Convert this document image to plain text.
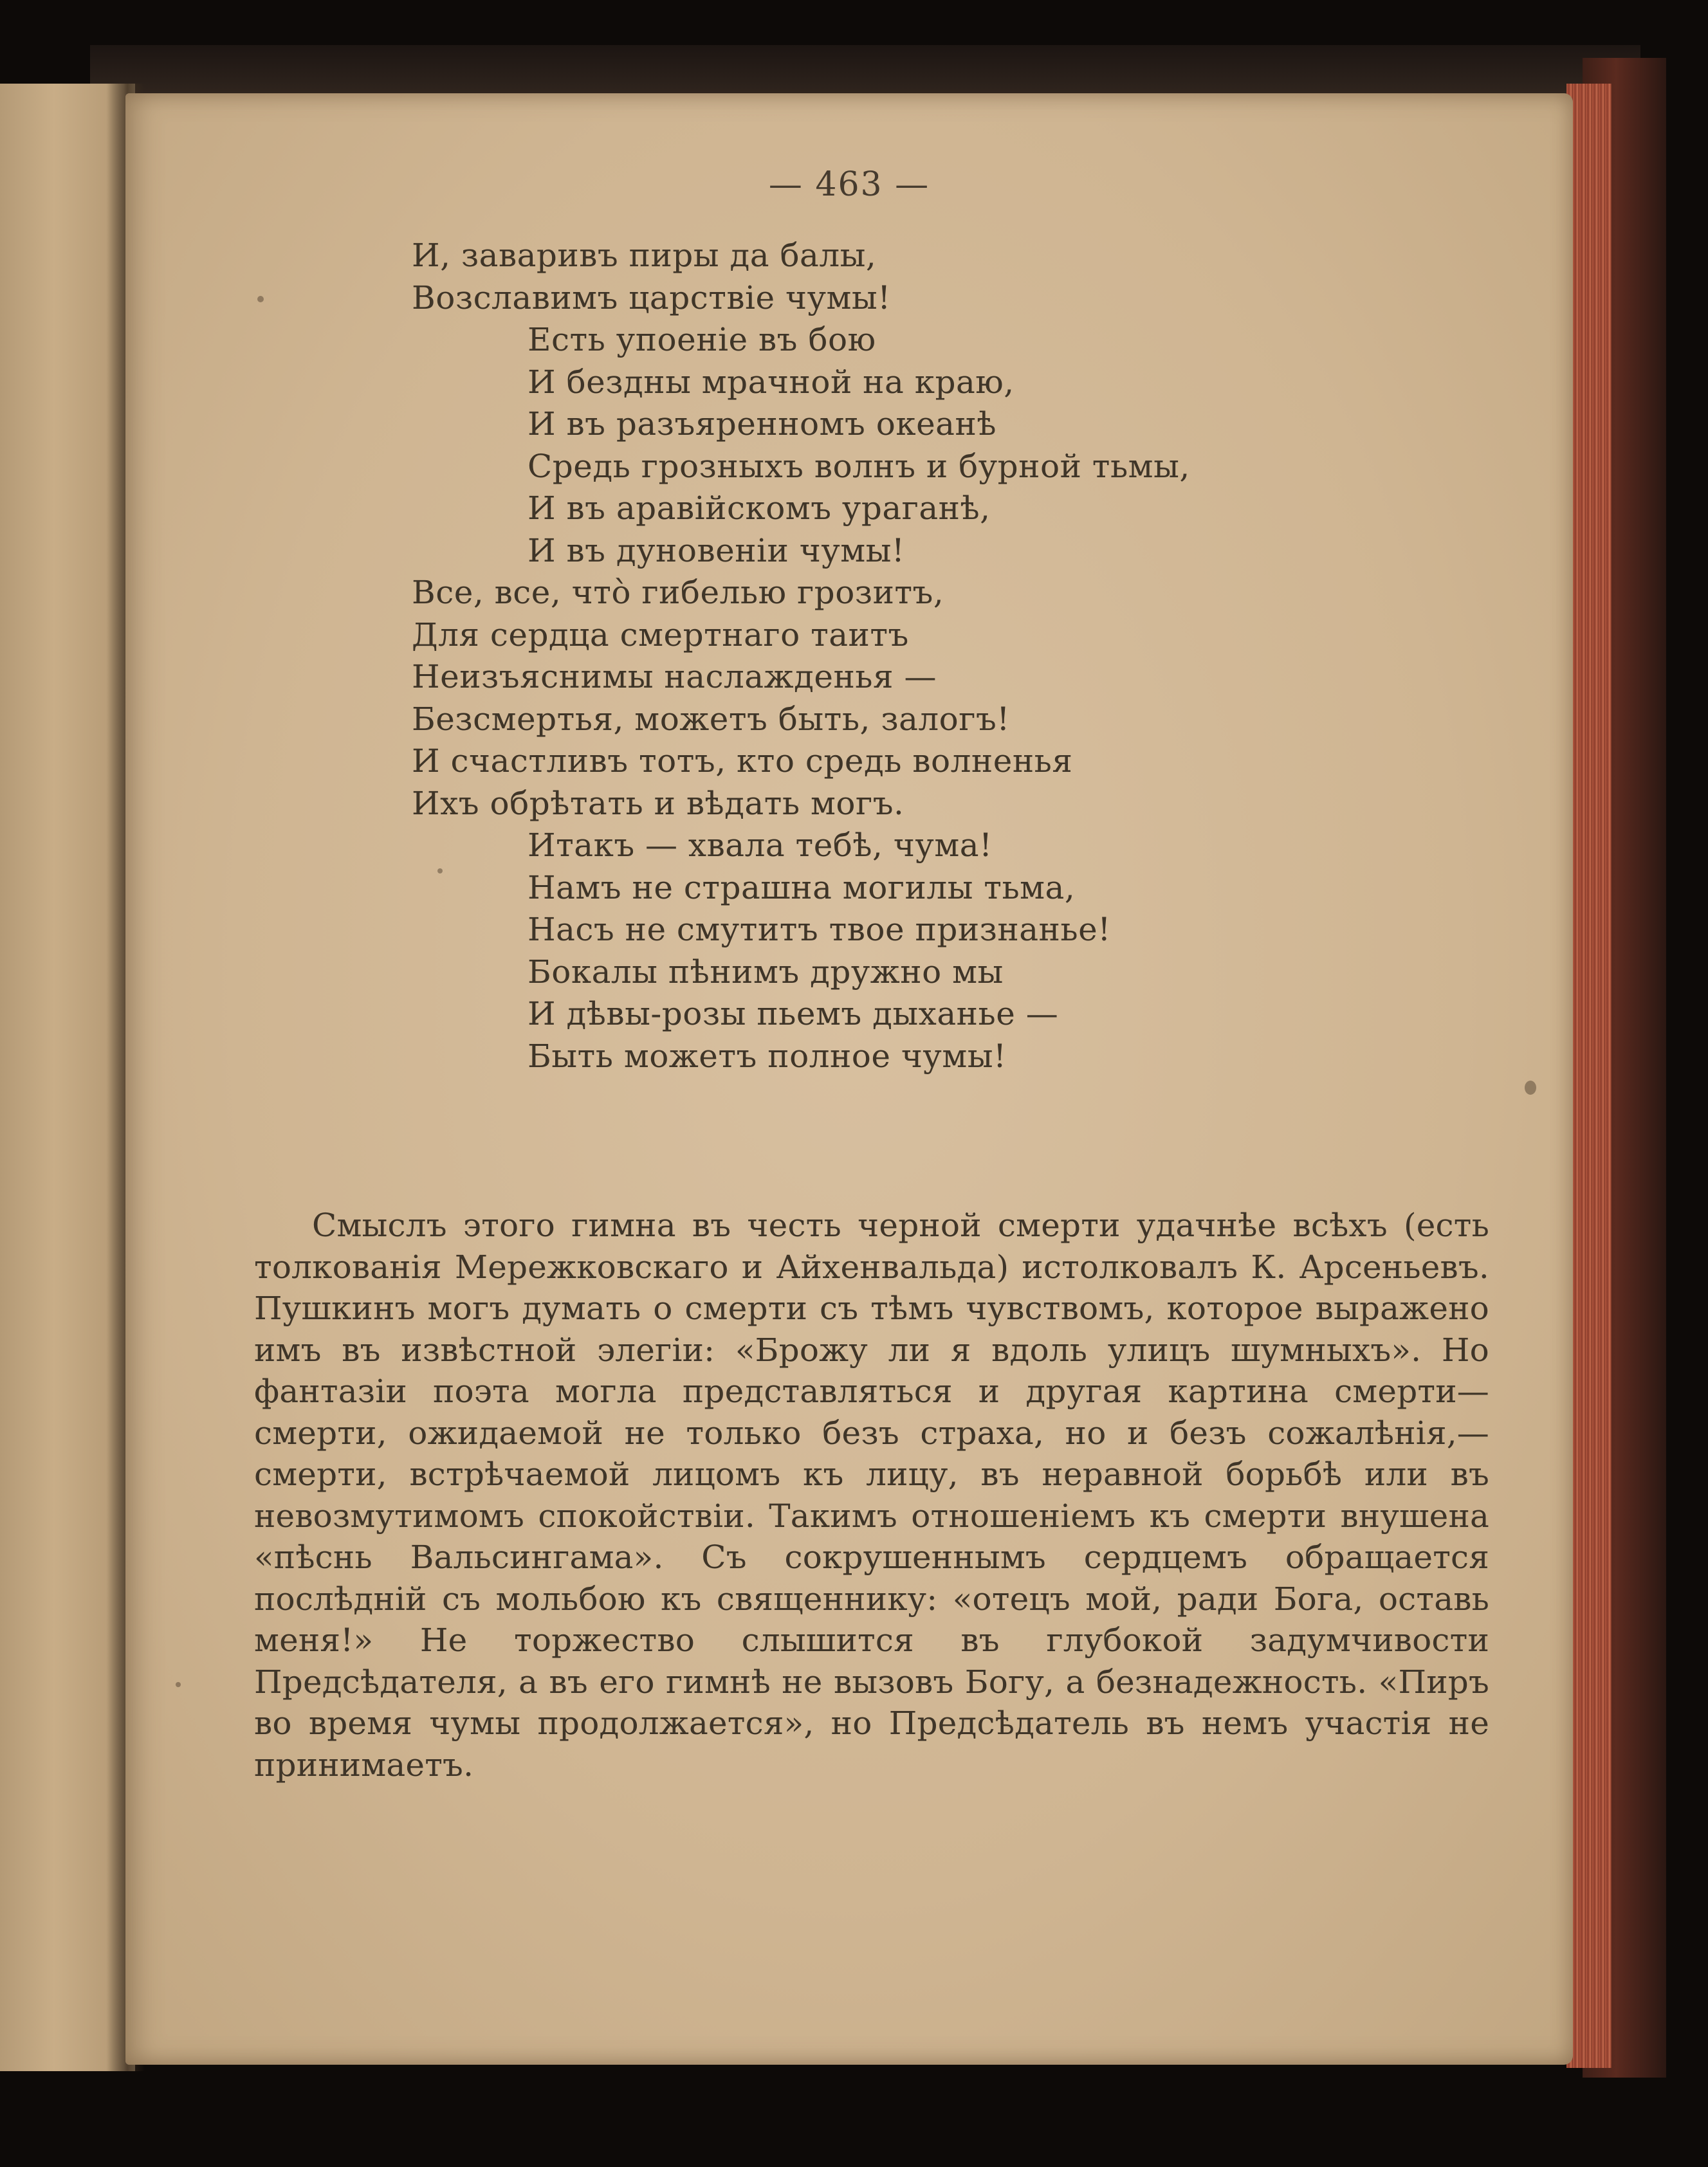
— 463 —
И, заваривъ пиры да балы,
Возславимъ царствіе чумы!
Есть упоеніе въ бою
И бездны мрачной на краю,
И въ разъяренномъ океанѣ
Средь грозныхъ волнъ и бурной тьмы,
И въ аравійскомъ ураганѣ,
И въ дуновеніи чумы!
Все, все, что̀ гибелью грозитъ,
Для сердца смертнаго таитъ
Неизъяснимы наслажденья —
Безсмертья, можетъ быть, залогъ!
И счастливъ тотъ, кто средь волненья
Ихъ обрѣтать и вѣдать могъ.
Итакъ — хвала тебѣ, чума!
Намъ не страшна могилы тьма,
Насъ не смутитъ твое признанье!
Бокалы пѣнимъ дружно мы
И дѣвы-розы пьемъ дыханье —
Быть можетъ полное чумы!

Смыслъ этого гимна въ честь черной смерти удачнѣе всѣхъ (есть толкованія Мережковскаго и Айхенвальда) истолковалъ К. Арсеньевъ. Пушкинъ могъ думать о смерти съ тѣмъ чувствомъ, которое выражено имъ въ извѣстной элегіи: «Брожу ли я вдоль улицъ шумныхъ». Но фантазіи поэта могла представляться и другая картина смерти—смерти, ожидаемой не только безъ страха, но и безъ сожалѣнія,—смерти, встрѣчаемой лицомъ къ лицу, въ неравной борьбѣ или въ невозмутимомъ спокойствіи. Такимъ отношеніемъ къ смерти внушена «пѣснь Вальсингама». Съ сокрушеннымъ сердцемъ обращается послѣдній съ мольбою къ священнику: «отецъ мой, ради Бога, оставь меня!» Не торжество слышится въ глубокой задумчивости Предсѣдателя, а въ его гимнѣ не вызовъ Богу, а безнадежность. «Пиръ во время чумы продолжается», но Предсѣдатель въ немъ участія не принимаетъ.
